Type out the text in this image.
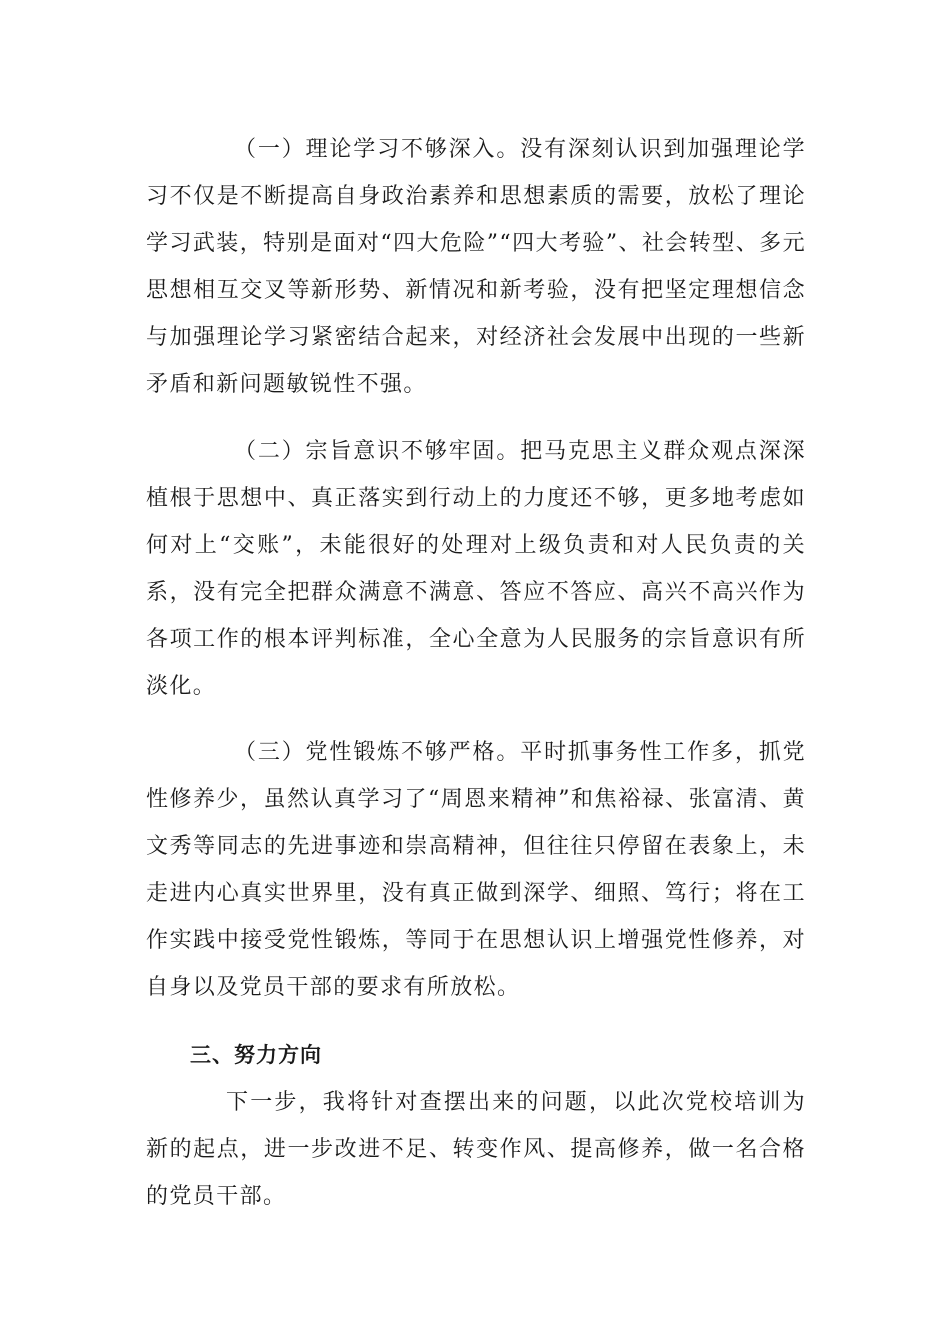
（一）理论学习不够深入。没有深刻认识到加强理论学习不仅是不断提高自身政治素养和思想素质的需要，放松了理论学习武装，特别是面对“四大危险”“四大考验”、社会转型、多元思想相互交叉等新形势、新情况和新考验，没有把坚定理想信念与加强理论学习紧密结合起来，对经济社会发展中出现的一些新矛盾和新问题敏锐性不强。

（二）宗旨意识不够牢固。把马克思主义群众观点深深植根于思想中、真正落实到行动上的力度还不够，更多地考虑如何对上“交账”，未能很好的处理对上级负责和对人民负责的关系，没有完全把群众满意不满意、答应不答应、高兴不高兴作为各项工作的根本评判标准，全心全意为人民服务的宗旨意识有所淡化。

（三）党性锻炼不够严格。平时抓事务性工作多，抓党性修养少，虽然认真学习了“周恩来精神”和焦裕禄、张富清、黄文秀等同志的先进事迹和崇高精神，但往往只停留在表象上，未走进内心真实世界里，没有真正做到深学、细照、笃行；将在工作实践中接受党性锻炼，等同于在思想认识上增强党性修养，对自身以及党员干部的要求有所放松。

三、努力方向

下一步，我将针对查摆出来的问题，以此次党校培训为新的起点，进一步改进不足、转变作风、提高修养，做一名合格的党员干部。
